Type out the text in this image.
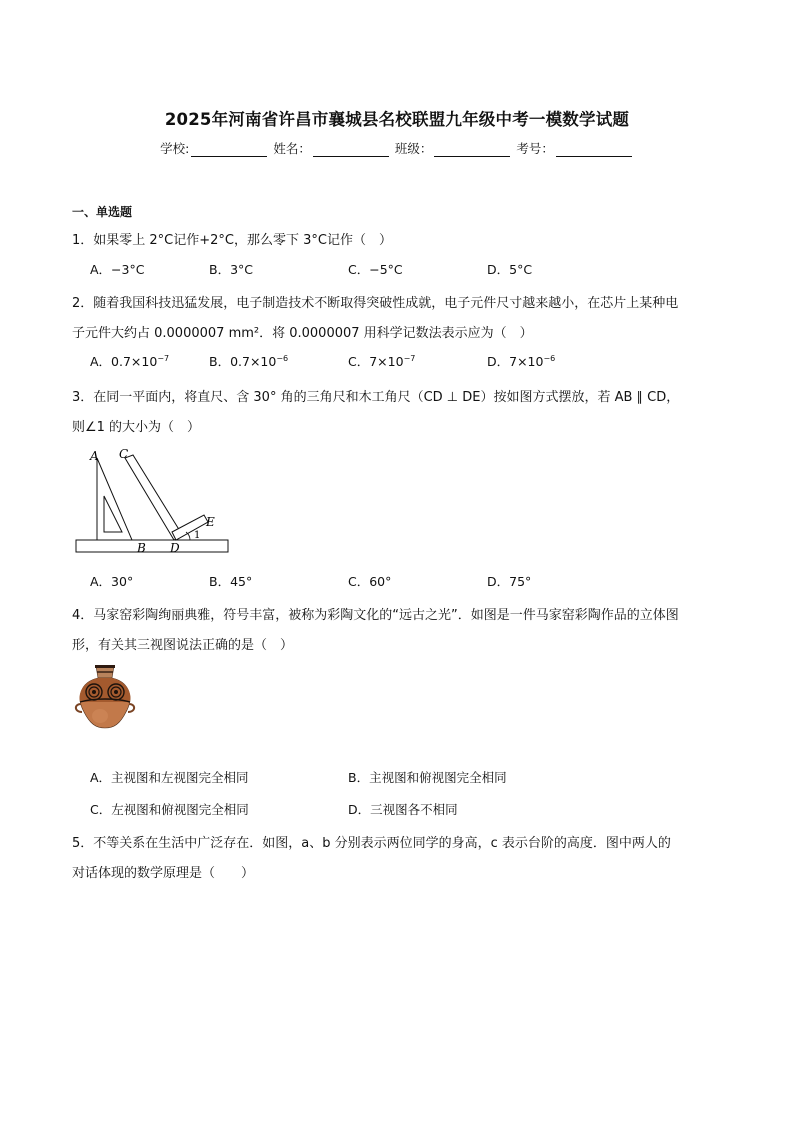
2025年河南省许昌市襄城县名校联盟九年级中考一模数学试题
学校:	姓名：	班级：	考号：
一、单选题
1．如果零上 2°C记作+2°C，那么零下 3°C记作（　）
A．−3°C	B．3°C	C．−5°C	D．5°C
2．随着我国科技迅猛发展，电子制造技术不断取得突破性成就，电子元件尺寸越来越小，在芯片上某种电
子元件大约占 0.0000007 mm²．将 0.0000007 用科学记数法表示应为（　）
A．$0.7\times 10^{-7}$	B．$0.7\times 10^{-6}$	C．$7\times 10^{-7}$	D．$7\times 10^{-6}$
3．在同一平面内，将直尺、含 30° 角的三角尺和木工角尺（CD ⊥ DE）按如图方式摆放，若 AB ∥ CD，
则∠1 的大小为（　）
A C
E
B D
1
A．30°	B．45°	C．60°	D．75°
4．马家窑彩陶绚丽典雅，符号丰富，被称为彩陶文化的“远古之光”．如图是一件马家窑彩陶作品的立体图
形，有关其三视图说法正确的是（　）
A．主视图和左视图完全相同	B．主视图和俯视图完全相同
C．左视图和俯视图完全相同	D．三视图各不相同
5．不等关系在生活中广泛存在．如图，a、b 分别表示两位同学的身高，c 表示台阶的高度．图中两人的
对话体现的数学原理是（　　）
